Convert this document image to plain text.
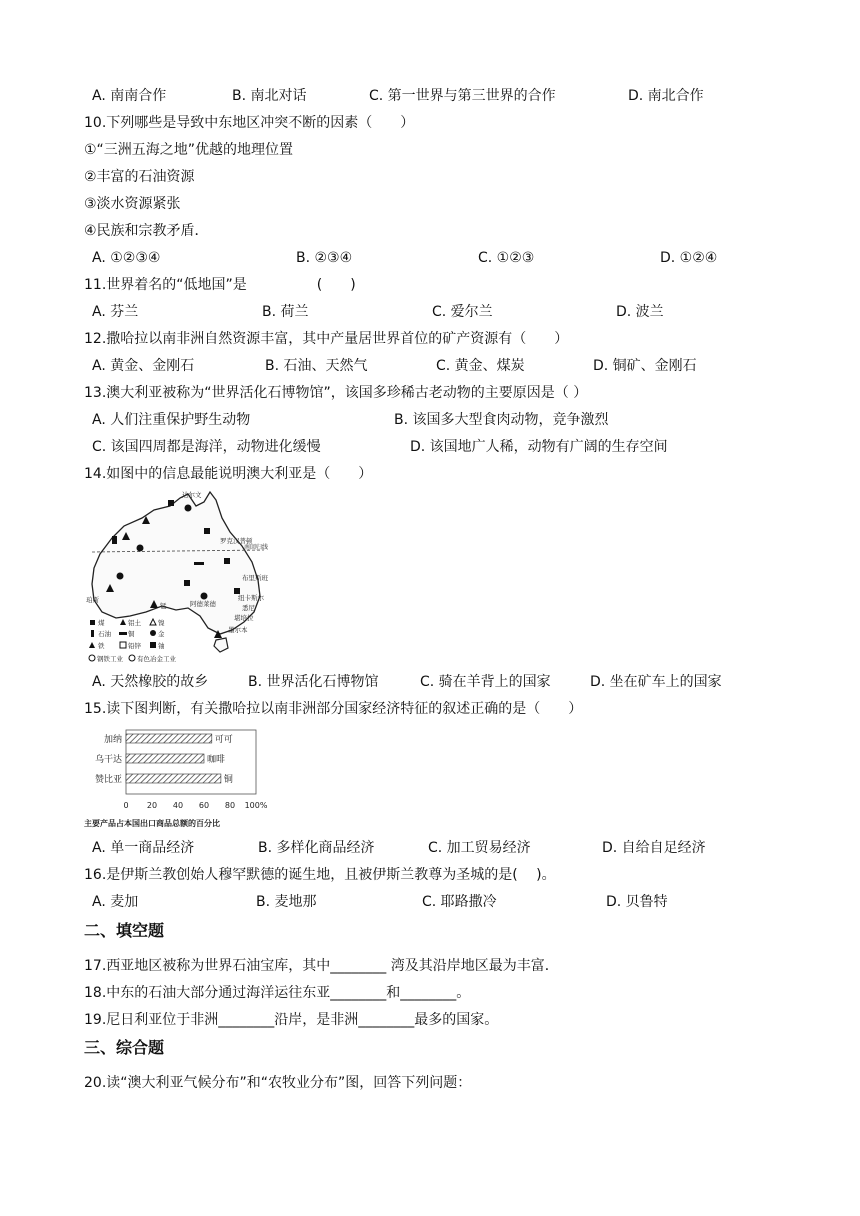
A. 南南合作	B. 南北对话	C. 第一世界与第三世界的合作	D. 南北合作
10.下列哪些是导致中东地区冲突不断的因素（　　）
①“三洲五海之地”优越的地理位置
②丰富的石油资源
③淡水资源紧张
④民族和宗教矛盾．
A. ①②③④	B. ②③④	C. ①②③	D. ①②④
11.世界着名的“低地国”是　　　　　(　　)
A. 芬兰	B. 荷兰	C. 爱尔兰	D. 波兰
12.撒哈拉以南非洲自然资源丰富，其中产量居世界首位的矿产资源有（　　）
A. 黄金、金刚石	B. 石油、天然气	C. 黄金、煤炭	D. 铜矿、金刚石
13.澳大利亚被称为“世界活化石博物馆”，该国多珍稀古老动物的主要原因是（ ）
A. 人们注重保护野生动物	B. 该国多大型食肉动物，竞争激烈
C. 该国四周都是海洋，动物进化缓慢	D. 该国地广人稀，动物有广阔的生存空间
14.如图中的信息最能说明澳大利亚是（　　）
达尔文
罗克汉普顿
南回归线
布里斯班
纽卡斯尔
阿德莱德	悉尼
堪培拉
墨尔本
珀斯
煤	铝土	镍
石油	铜	金
铁	铅锌	铀
钢铁工业 有色冶金工业
锰
A. 天然橡胶的故乡	B. 世界活化石博物馆	C. 骑在羊背上的国家	D. 坐在矿车上的国家
15.读下图判断，有关撒哈拉以南非洲部分国家经济特征的叙述正确的是（　　）
加纳	可可
乌干达	咖啡
赞比亚	铜
0 20 40 60 80 100%
主要产品占本国出口商品总额的百分比
A. 单一商品经济	B. 多样化商品经济	C. 加工贸易经济	D. 自给自足经济
16.是伊斯兰教创始人穆罕默德的诞生地，且被伊斯兰教尊为圣城的是(　 )。
A. 麦加	B. 麦地那	C. 耶路撒冷	D. 贝鲁特
二、填空题
17.西亚地区被称为世界石油宝库，其中________ 湾及其沿岸地区最为丰富．
18.中东的石油大部分通过海洋运往东亚________和________。
19.尼日利亚位于非洲________沿岸，是非洲________最多的国家。
三、综合题
20.读“澳大利亚气候分布”和“农牧业分布”图，回答下列问题：
